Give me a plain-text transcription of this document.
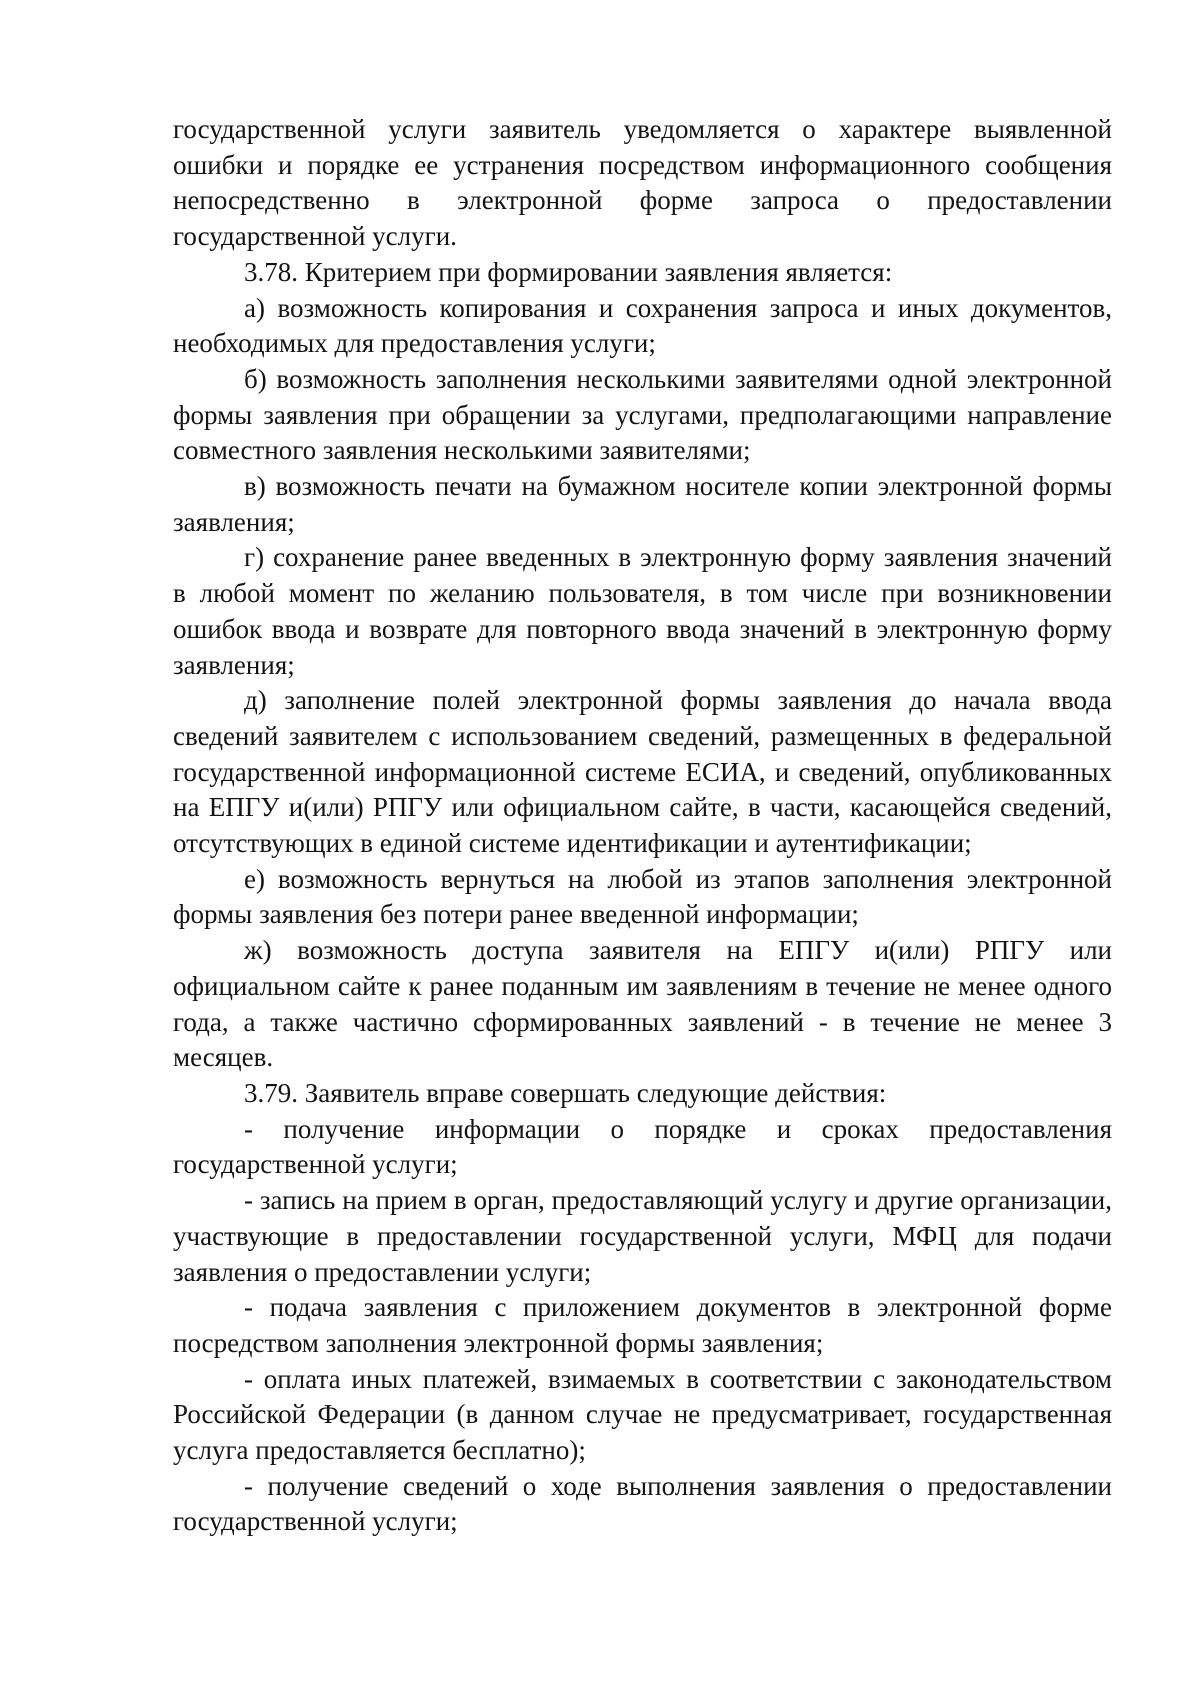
государственной услуги заявитель уведомляется о характере выявленной ошибки и порядке ее устранения посредством информационного сообщения непосредственно в электронной форме запроса о предоставлении государственной услуги.

3.78. Критерием при формировании заявления является:

а) возможность копирования и сохранения запроса и иных документов, необходимых для предоставления услуги;

б) возможность заполнения несколькими заявителями одной электронной формы заявления при обращении за услугами, предполагающими направление совместного заявления несколькими заявителями;

в) возможность печати на бумажном носителе копии электронной формы заявления;

г) сохранение ранее введенных в электронную форму заявления значений в любой момент по желанию пользователя, в том числе при возникновении ошибок ввода и возврате для повторного ввода значений в электронную форму заявления;

д) заполнение полей электронной формы заявления до начала ввода сведений заявителем с использованием сведений, размещенных в федеральной государственной информационной системе ЕСИА, и сведений, опубликованных на ЕПГУ и(или) РПГУ или официальном сайте, в части, касающейся сведений, отсутствующих в единой системе идентификации и аутентификации;

е) возможность вернуться на любой из этапов заполнения электронной формы заявления без потери ранее введенной информации;

ж) возможность доступа заявителя на ЕПГУ и(или) РПГУ или официальном сайте к ранее поданным им заявлениям в течение не менее одного года, а также частично сформированных заявлений - в течение не менее 3 месяцев.

3.79. Заявитель вправе совершать следующие действия:

- получение информации о порядке и сроках предоставления государственной услуги;

- запись на прием в орган, предоставляющий услугу и другие организации, участвующие в предоставлении государственной услуги, МФЦ для подачи заявления о предоставлении услуги;

- подача заявления с приложением документов в электронной форме посредством заполнения электронной формы заявления;

- оплата иных платежей, взимаемых в соответствии с законодательством Российской Федерации (в данном случае не предусматривает, государственная услуга предоставляется бесплатно);

- получение сведений о ходе выполнения заявления о предоставлении государственной услуги;
